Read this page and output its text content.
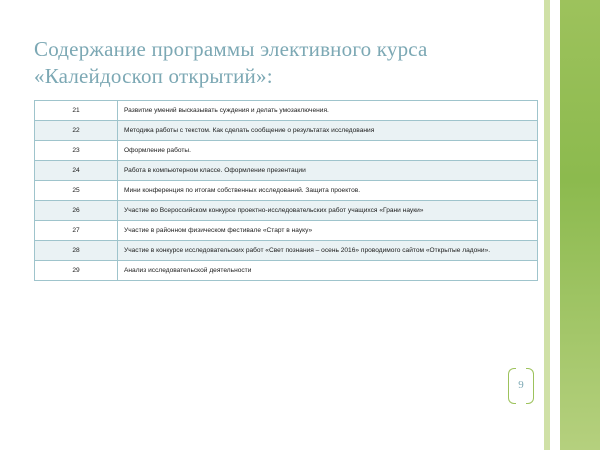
Содержание программы элективного курса «Калейдоскоп открытий»:
21	Развитие умений высказывать суждения и делать умозаключения.
22	Методика работы с текстом. Как сделать сообщение о результатах исследования
23	Оформление работы.
24	Работа в компьютерном классе. Оформление презентации
25	Мини конференция по итогам собственных исследований. Защита проектов.
26	Участие во Всероссийском конкурсе проектно-исследовательских работ учащихся «Грани науки»
27	Участие в районном физическом фестивале «Старт в науку»
28	Участие в конкурсе исследовательских работ «Свет познания – осень 2016» проводимого сайтом «Открытые ладони».
29	Анализ исследовательской деятельности
9
